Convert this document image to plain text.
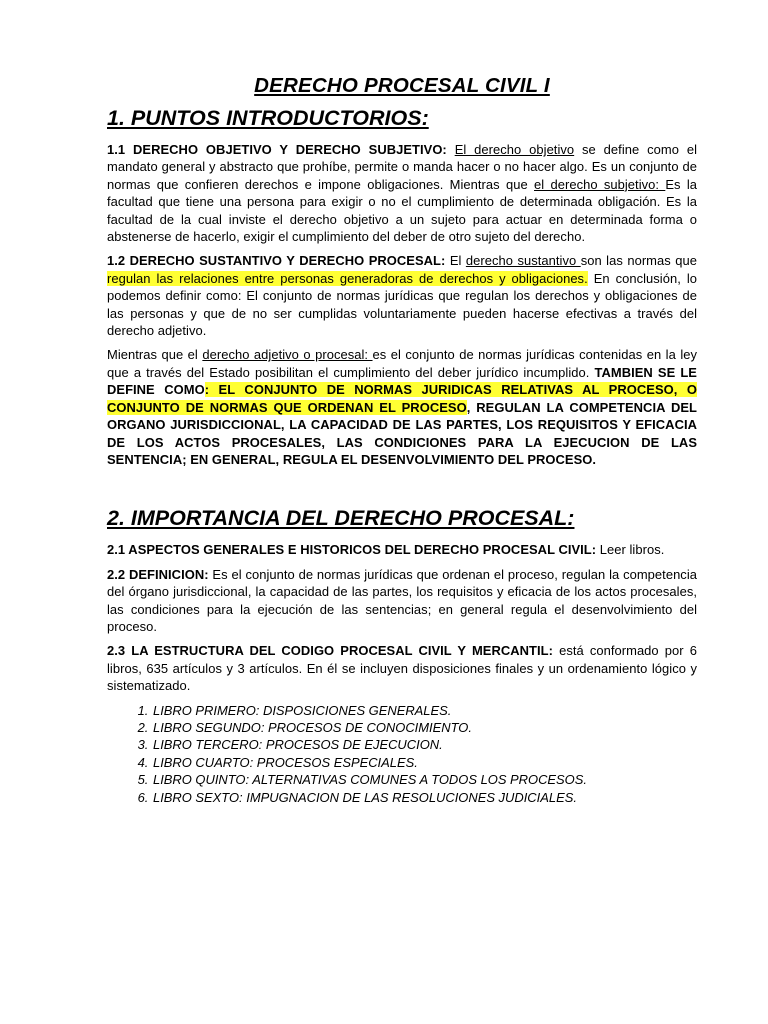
DERECHO PROCESAL CIVIL I
1. PUNTOS INTRODUCTORIOS:

1.1 DERECHO OBJETIVO Y DERECHO SUBJETIVO: El derecho objetivo se define como el mandato general y abstracto que prohíbe, permite o manda hacer o no hacer algo. Es un conjunto de normas que confieren derechos e impone obligaciones. Mientras que el derecho subjetivo: Es la facultad que tiene una persona para exigir o no el cumplimiento de determinada obligación. Es la facultad de la cual inviste el derecho objetivo a un sujeto para actuar en determinada forma o abstenerse de hacerlo, exigir el cumplimiento del deber de otro sujeto del derecho.

1.2 DERECHO SUSTANTIVO Y DERECHO PROCESAL: El derecho sustantivo son las normas que regulan las relaciones entre personas generadoras de derechos y obligaciones. En conclusión, lo podemos definir como: El conjunto de normas jurídicas que regulan los derechos y obligaciones de las personas y que de no ser cumplidas voluntariamente pueden hacerse efectivas a través del derecho adjetivo.

Mientras que el derecho adjetivo o procesal: es el conjunto de normas jurídicas contenidas en la ley que a través del Estado posibilitan el cumplimiento del deber jurídico incumplido. TAMBIEN SE LE DEFINE COMO: EL CONJUNTO DE NORMAS JURIDICAS RELATIVAS AL PROCESO, O CONJUNTO DE NORMAS QUE ORDENAN EL PROCESO, REGULAN LA COMPETENCIA DEL ORGANO JURISDICCIONAL, LA CAPACIDAD DE LAS PARTES, LOS REQUISITOS Y EFICACIA DE LOS ACTOS PROCESALES, LAS CONDICIONES PARA LA EJECUCION DE LAS SENTENCIA; EN GENERAL, REGULA EL DESENVOLVIMIENTO DEL PROCESO.

2. IMPORTANCIA DEL DERECHO PROCESAL:

2.1 ASPECTOS GENERALES E HISTORICOS DEL DERECHO PROCESAL CIVIL: Leer libros.

2.2 DEFINICION: Es el conjunto de normas jurídicas que ordenan el proceso, regulan la competencia del órgano jurisdiccional, la capacidad de las partes, los requisitos y eficacia de los actos procesales, las condiciones para la ejecución de las sentencias; en general regula el desenvolvimiento del proceso.

2.3 LA ESTRUCTURA DEL CODIGO PROCESAL CIVIL Y MERCANTIL: está conformado por 6 libros, 635 artículos y 3 artículos. En él se incluyen disposiciones finales y un ordenamiento lógico y sistematizado.

1. LIBRO PRIMERO: DISPOSICIONES GENERALES.
2. LIBRO SEGUNDO: PROCESOS DE CONOCIMIENTO.
3. LIBRO TERCERO: PROCESOS DE EJECUCION.
4. LIBRO CUARTO: PROCESOS ESPECIALES.
5. LIBRO QUINTO: ALTERNATIVAS COMUNES A TODOS LOS PROCESOS.
6. LIBRO SEXTO: IMPUGNACION DE LAS RESOLUCIONES JUDICIALES.
